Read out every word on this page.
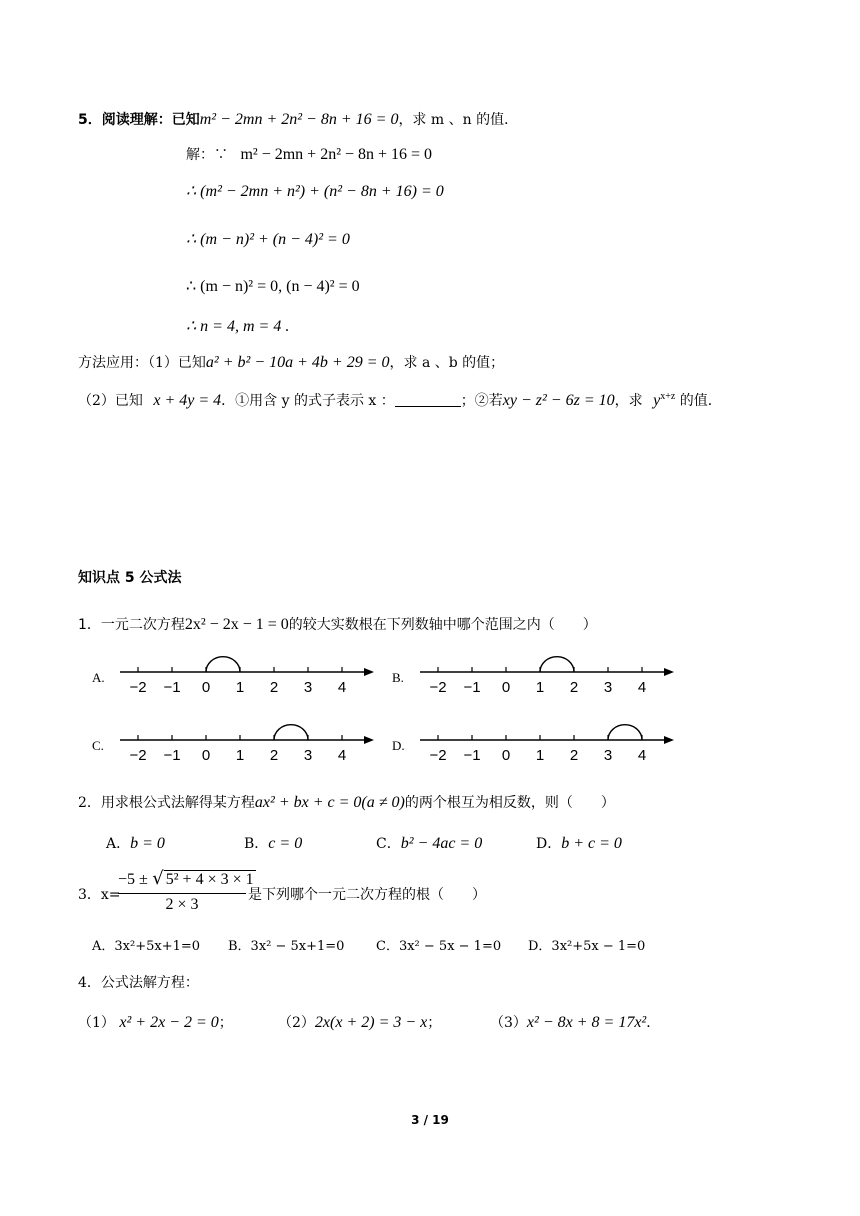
5．阅读理解：已知m² − 2mn + 2n² − 8n + 16 = 0，求 m 、n 的值．
解：∵ m² − 2mn + 2n² − 8n + 16 = 0
∴ (m² − 2mn + n²) + (n² − 8n + 16) = 0
∴ (m − n)² + (n − 4)² = 0
∴ (m − n)² = 0, (n − 4)² = 0
∴ n = 4, m = 4 .
方法应用：（1）已知a² + b² − 10a + 4b + 29 = 0，求 a 、b 的值；
（2）已知 x + 4y = 4．①用含 y 的式子表示 x ：	；②若xy − z² − 6z = 10，求 $y^{x+z}$ 的值．
知识点 5 公式法
1．一元二次方程2x² − 2x − 1 = 0的较大实数根在下列数轴中哪个范围之内（　　）
A.
−2 −1 0 1 2 3 4
B.
−2 −1 0 1 2 3 4
C.
−2 −1 0 1 2 3 4
D.
−2 −1 0 1 2 3 4
2．用求根公式法解得某方程ax² + bx + c = 0(a ≠ 0)的两个根互为相反数，则（　　）
A．b = 0	B．c = 0	C．b² − 4ac = 0	D．b + c = 0
3．x=
−5 ± √ 5² + 4 × 3 × 1
2 × 3
是下列哪个一元二次方程的根（　　）
A．3x²+5x+1=0 B．3x² − 5x+1=0 C．3x² − 5x − 1=0 D．3x²+5x − 1=0
4．公式法解方程：
（1） x² + 2x − 2 = 0；	（2）2x(x + 2) = 3 − x；	（3）x² − 8x + 8 = 17x²．
3 / 19
